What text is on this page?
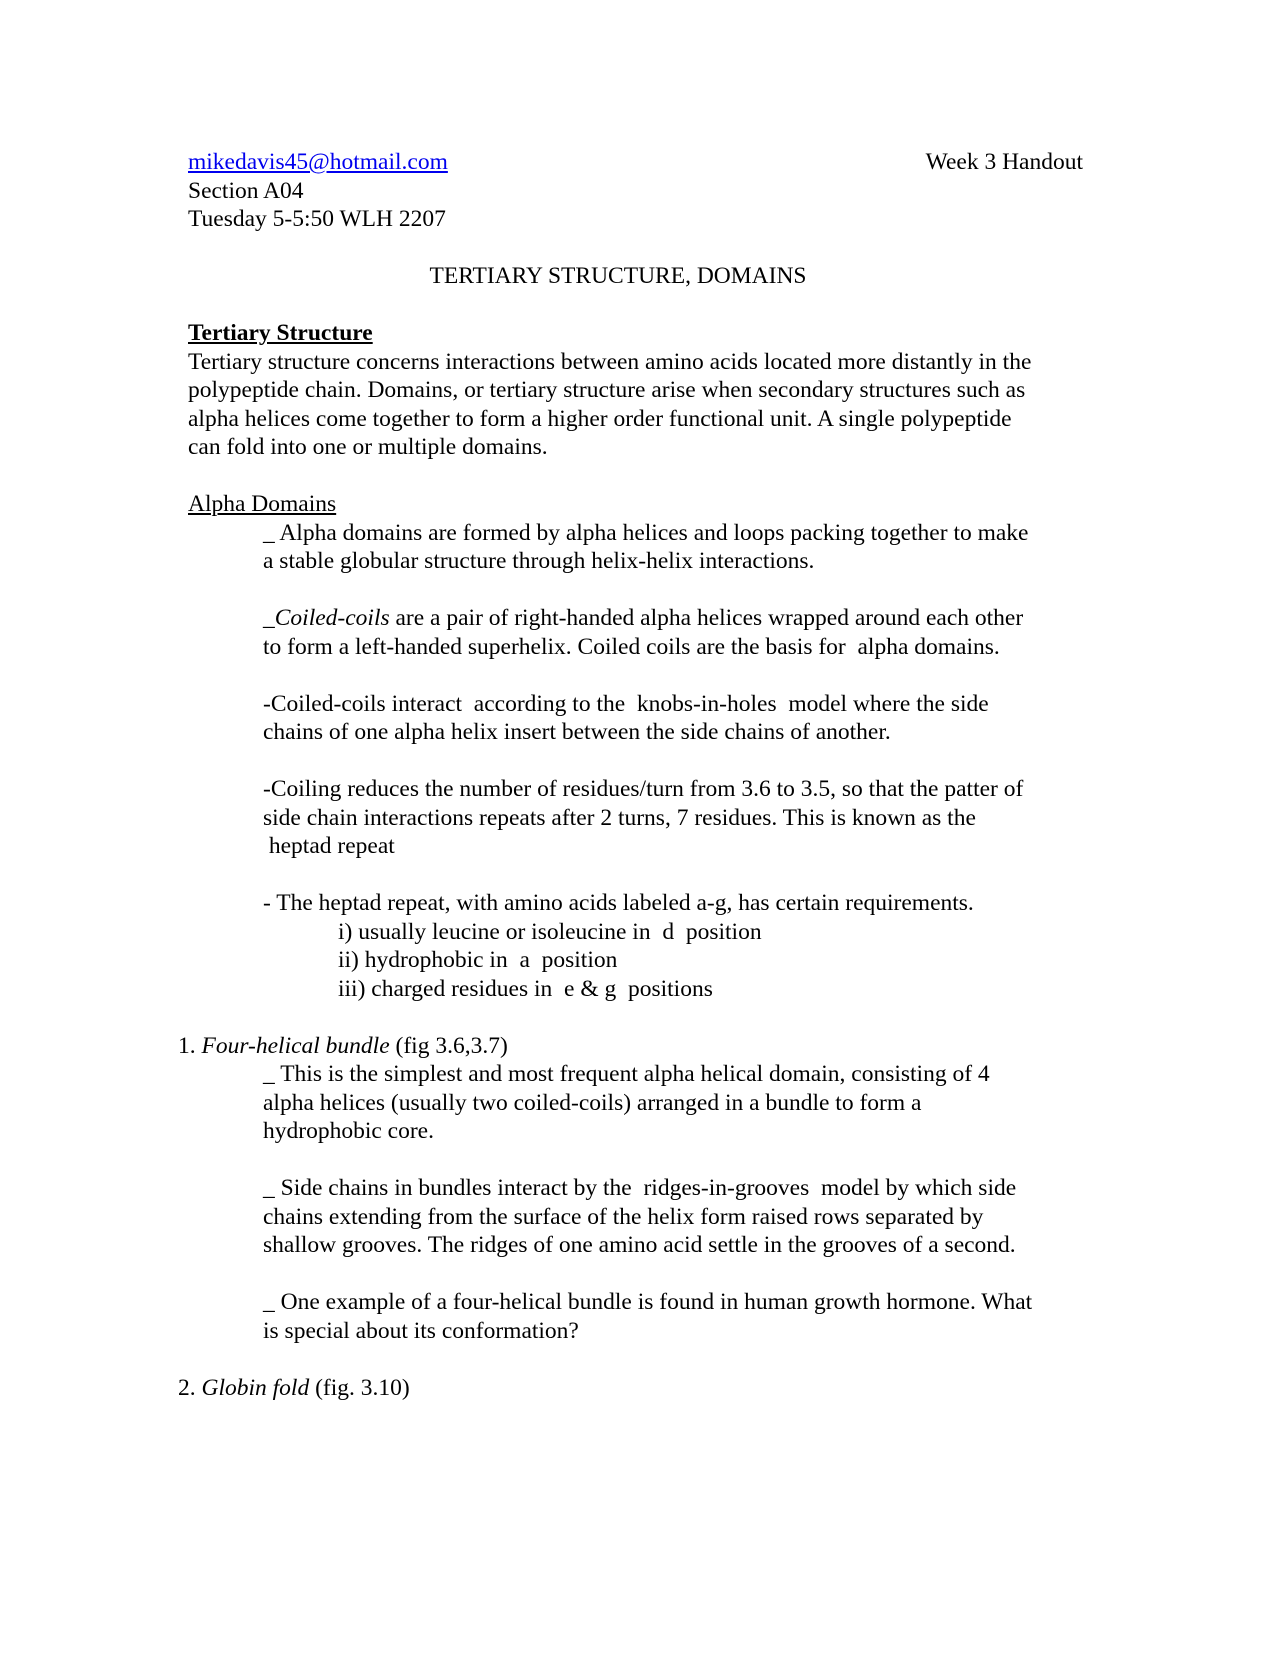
mikedavis45@hotmail.com	Week 3 Handout
Section A04
Tuesday 5-5:50 WLH 2207
TERTIARY STRUCTURE, DOMAINS
Tertiary Structure
Tertiary structure concerns interactions between amino acids located more distantly in the
polypeptide chain. Domains, or tertiary structure arise when secondary structures such as
alpha helices come together to form a higher order functional unit. A single polypeptide
can fold into one or multiple domains.
Alpha Domains
_ Alpha domains are formed by alpha helices and loops packing together to make
a stable globular structure through helix-helix interactions.
_Coiled-coils are a pair of right-handed alpha helices wrapped around each other
to form a left-handed superhelix. Coiled coils are the basis for  alpha domains.
-Coiled-coils interact  according to the  knobs-in-holes  model where the side
chains of one alpha helix insert between the side chains of another.
-Coiling reduces the number of residues/turn from 3.6 to 3.5, so that the patter of
side chain interactions repeats after 2 turns, 7 residues. This is known as the
heptad repeat
- The heptad repeat, with amino acids labeled a-g, has certain requirements.
i) usually leucine or isoleucine in  d  position
ii) hydrophobic in  a  position
iii) charged residues in  e & g  positions
1. Four-helical bundle (fig 3.6,3.7)
_ This is the simplest and most frequent alpha helical domain, consisting of 4
alpha helices (usually two coiled-coils) arranged in a bundle to form a
hydrophobic core.
_ Side chains in bundles interact by the  ridges-in-grooves  model by which side
chains extending from the surface of the helix form raised rows separated by
shallow grooves. The ridges of one amino acid settle in the grooves of a second.
_ One example of a four-helical bundle is found in human growth hormone. What
is special about its conformation?
2. Globin fold (fig. 3.10)
